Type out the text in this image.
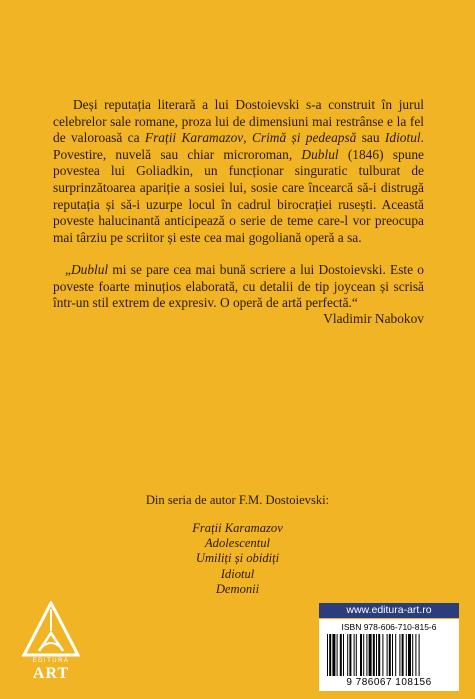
Deși reputația literară a lui Dostoievski s-a construit în jurul celebrelor sale romane, proza lui de dimensiuni mai restrânse e la fel de valoroasă ca Frații Karamazov, Crimă și pedeapsă sau Idiotul. Povestire, nuvelă sau chiar microroman, Dublul (1846) spune povestea lui Goliadkin, un funcționar singuratic tulburat de surprinzătoarea apariție a sosiei lui, sosie care încearcă să-i distrugă reputația și să-i uzurpe locul în cadrul birocrației rusești. Această poveste halucinantă anticipează o serie de teme care-l vor preocupa mai târziu pe scriitor și este cea mai gogoliană operă a sa.

„Dublul mi se pare cea mai bună scriere a lui Dostoievski. Este o poveste foarte minuțios elaborată, cu detalii de tip joycean și scrisă într-un stil extrem de expresiv. O operă de artă perfectă.“

Vladimir Nabokov
Din seria de autor F.M. Dostoievski:
Frații Karamazov
Adolescentul
Umiliți și obidiți
Idiotul
Demonii
EDITURA
ART
www.editura-art.ro
ISBN 978-606-710-815-6
9 786067 108156
